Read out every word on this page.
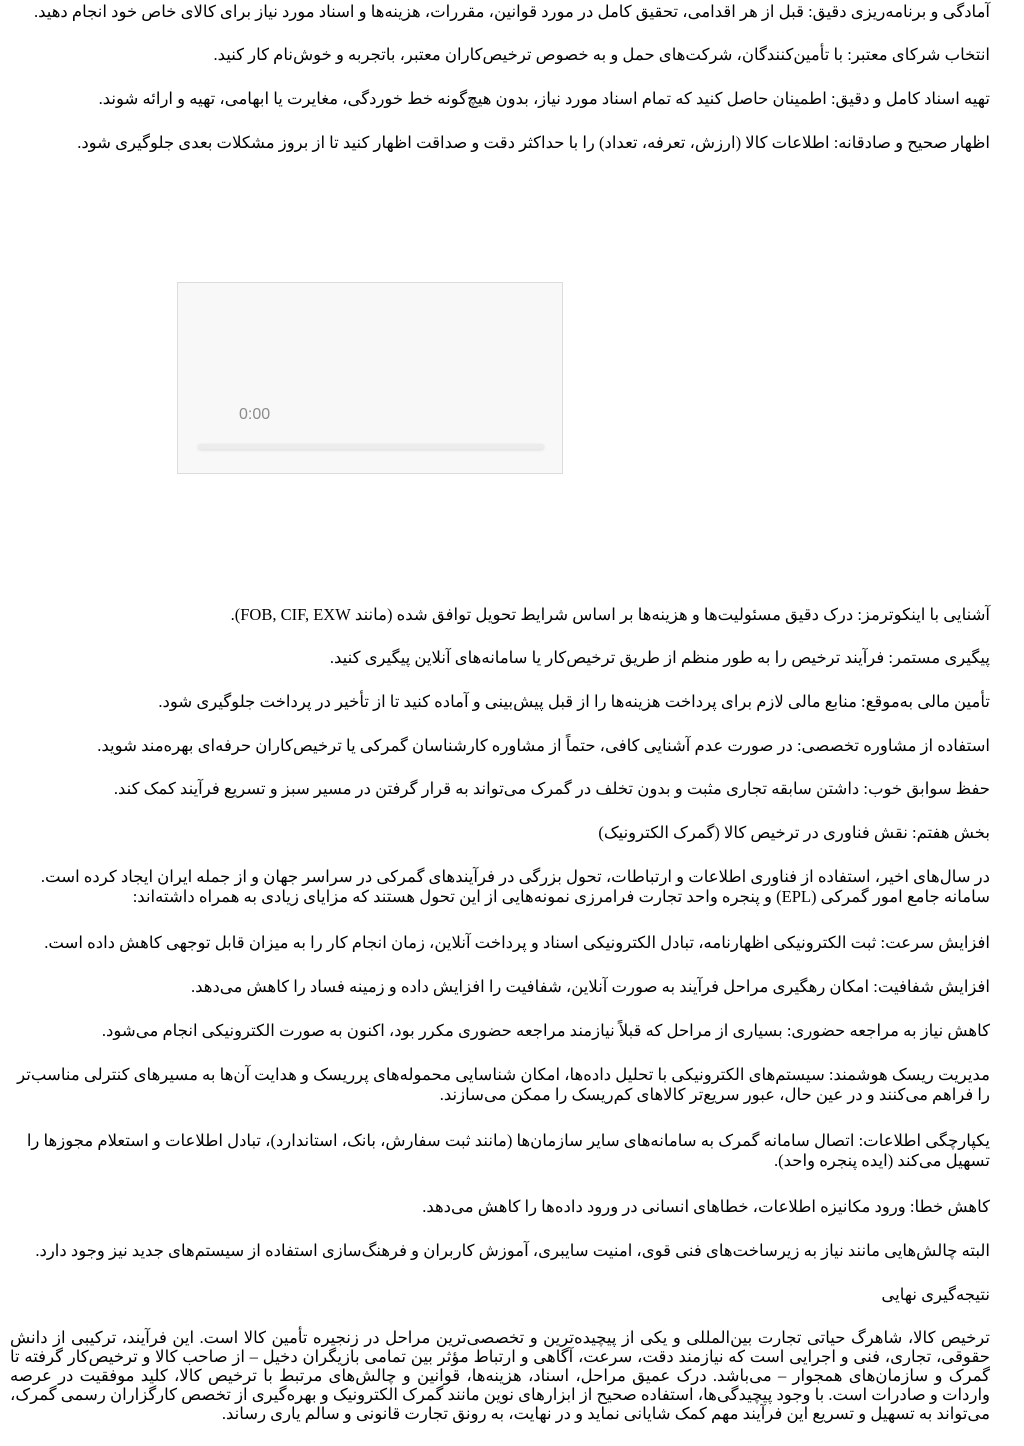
آمادگی و برنامه‌ریزی دقیق: قبل از هر اقدامی، تحقیق کامل در مورد قوانین، مقررات، هزینه‌ها و اسناد مورد نیاز برای کالای خاص خود انجام دهید.

انتخاب شرکای معتبر: با تأمین‌کنندگان، شرکت‌های حمل و به خصوص ترخیص‌کاران معتبر، باتجربه و خوش‌نام کار کنید.

تهیه اسناد کامل و دقیق: اطمینان حاصل کنید که تمام اسناد مورد نیاز، بدون هیچ‌گونه خط خوردگی، مغایرت یا ابهامی، تهیه و ارائه شوند.

اظهار صحیح و صادقانه: اطلاعات کالا (ارزش، تعرفه، تعداد) را با حداکثر دقت و صداقت اظهار کنید تا از بروز مشکلات بعدی جلوگیری شود.

0:00

آشنایی با اینکوترمز: درک دقیق مسئولیت‌ها و هزینه‌ها بر اساس شرایط تحویل توافق شده (مانند FOB, CIF, EXW).

پیگیری مستمر: فرآیند ترخیص را به طور منظم از طریق ترخیص‌کار یا سامانه‌های آنلاین پیگیری کنید.

تأمین مالی به‌موقع: منابع مالی لازم برای پرداخت هزینه‌ها را از قبل پیش‌بینی و آماده کنید تا از تأخیر در پرداخت جلوگیری شود.

استفاده از مشاوره تخصصی: در صورت عدم آشنایی کافی، حتماً از مشاوره کارشناسان گمرکی یا ترخیص‌کاران حرفه‌ای بهره‌مند شوید.

حفظ سوابق خوب: داشتن سابقه تجاری مثبت و بدون تخلف در گمرک می‌تواند به قرار گرفتن در مسیر سبز و تسریع فرآیند کمک کند.

بخش هفتم: نقش فناوری در ترخیص کالا (گمرک الکترونیک)

در سال‌های اخیر، استفاده از فناوری اطلاعات و ارتباطات، تحول بزرگی در فرآیندهای گمرکی در سراسر جهان و از جمله ایران ایجاد کرده است. سامانه جامع امور گمرکی (EPL) و پنجره واحد تجارت فرامرزی نمونه‌هایی از این تحول هستند که مزایای زیادی به همراه داشته‌اند:

افزایش سرعت: ثبت الکترونیکی اظهارنامه، تبادل الکترونیکی اسناد و پرداخت آنلاین، زمان انجام کار را به میزان قابل توجهی کاهش داده است.

افزایش شفافیت: امکان رهگیری مراحل فرآیند به صورت آنلاین، شفافیت را افزایش داده و زمینه فساد را کاهش می‌دهد.

کاهش نیاز به مراجعه حضوری: بسیاری از مراحل که قبلاً نیازمند مراجعه حضوری مکرر بود، اکنون به صورت الکترونیکی انجام می‌شود.

مدیریت ریسک هوشمند: سیستم‌های الکترونیکی با تحلیل داده‌ها، امکان شناسایی محموله‌های پرریسک و هدایت آن‌ها به مسیرهای کنترلی مناسب‌تر را فراهم می‌کنند و در عین حال، عبور سریع‌تر کالاهای کم‌ریسک را ممکن می‌سازند.

یکپارچگی اطلاعات: اتصال سامانه گمرک به سامانه‌های سایر سازمان‌ها (مانند ثبت سفارش، بانک، استاندارد)، تبادل اطلاعات و استعلام مجوزها را تسهیل می‌کند (ایده پنجره واحد).

کاهش خطا: ورود مکانیزه اطلاعات، خطاهای انسانی در ورود داده‌ها را کاهش می‌دهد.

البته چالش‌هایی مانند نیاز به زیرساخت‌های فنی قوی، امنیت سایبری، آموزش کاربران و فرهنگ‌سازی استفاده از سیستم‌های جدید نیز وجود دارد.

نتیجه‌گیری نهایی

ترخیص کالا، شاهرگ حیاتی تجارت بین‌المللی و یکی از پیچیده‌ترین و تخصصی‌ترین مراحل در زنجیره تأمین کالا است. این فرآیند، ترکیبی از دانش حقوقی، تجاری، فنی و اجرایی است که نیازمند دقت، سرعت، آگاهی و ارتباط مؤثر بین تمامی بازیگران دخیل – از صاحب کالا و ترخیص‌کار گرفته تا گمرک و سازمان‌های همجوار – می‌باشد. درک عمیق مراحل، اسناد، هزینه‌ها، قوانین و چالش‌های مرتبط با ترخیص کالا، کلید موفقیت در عرصه واردات و صادرات است. با وجود پیچیدگی‌ها، استفاده صحیح از ابزارهای نوین مانند گمرک الکترونیک و بهره‌گیری از تخصص کارگزاران رسمی گمرک، می‌تواند به تسهیل و تسریع این فرآیند مهم کمک شایانی نماید و در نهایت، به رونق تجارت قانونی و سالم یاری رساند.
